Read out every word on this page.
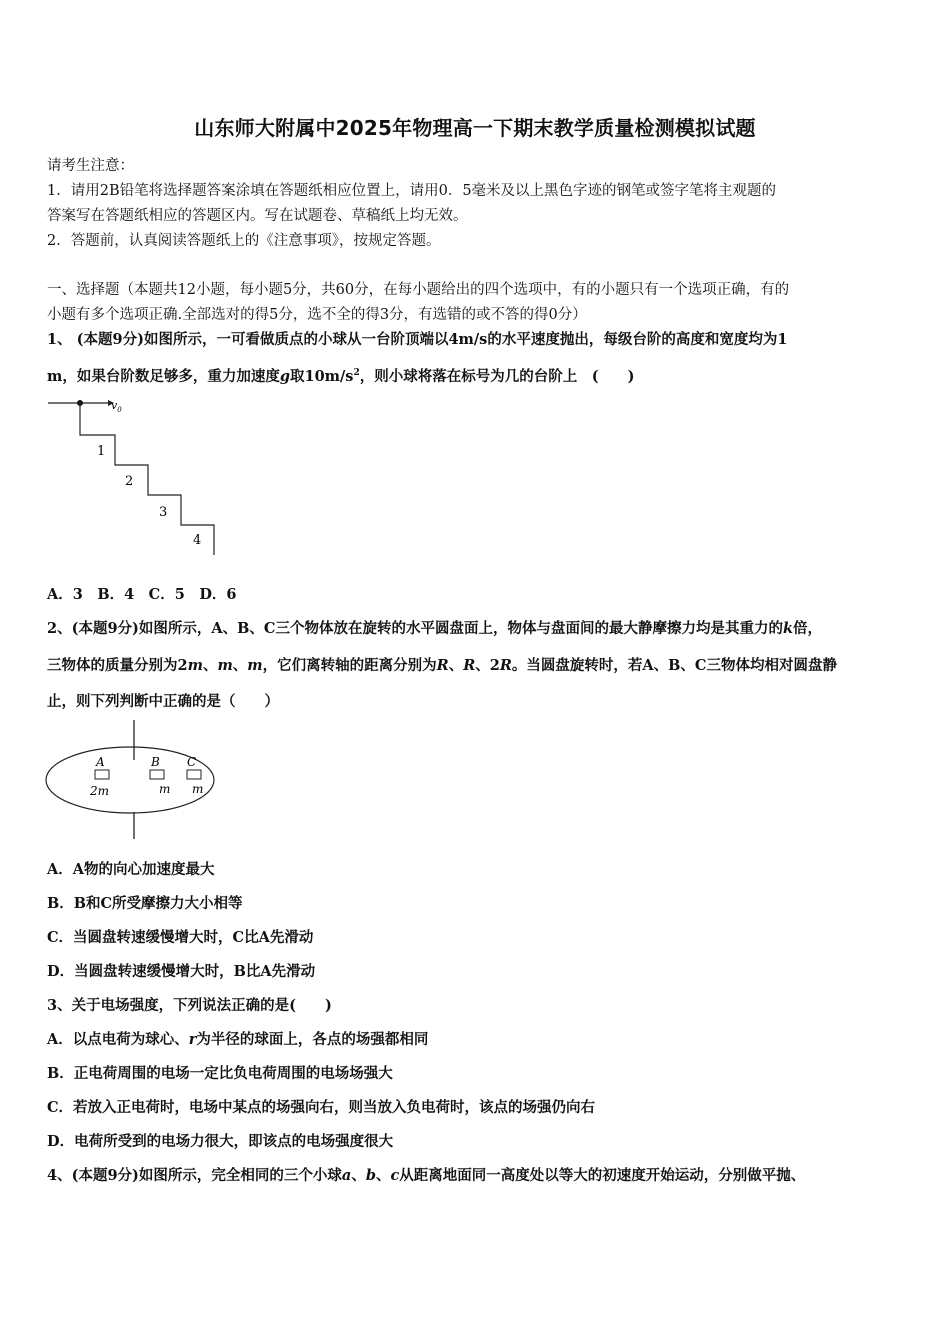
山东师大附属中2025年物理高一下期末教学质量检测模拟试题
请考生注意：
1．请用2B铅笔将选择题答案涂填在答题纸相应位置上，请用0．5毫米及以上黑色字迹的钢笔或签字笔将主观题的
答案写在答题纸相应的答题区内。写在试题卷、草稿纸上均无效。
2．答题前，认真阅读答题纸上的《注意事项》，按规定答题。
一、选择题（本题共12小题，每小题5分，共60分，在每小题给出的四个选项中，有的小题只有一个选项正确，有的
小题有多个选项正确.全部选对的得5分，选不全的得3分，有选错的或不答的得0分）
1、 (本题9分)如图所示，一可看做质点的小球从一台阶顶端以4m/s的水平速度抛出，每级台阶的高度和宽度均为1
m，如果台阶数足够多，重力加速度g取$10m/s^2$，则小球将落在标号为几的台阶上　(　　)
$v_0$
1
2
3
4
A．3　B．4　C．5　D．6
2、(本题9分)如图所示，A、B、C三个物体放在旋转的水平圆盘面上，物体与盘面间的最大静摩擦力均是其重力的k倍，
三物体的质量分别为2m、m、m，它们离转轴的距离分别为R、R、2R。当圆盘旋转时，若A、B、C三物体均相对圆盘静
止，则下列判断中正确的是（　　）
A	B C
2m	m m
A．A物的向心加速度最大
B．B和C所受摩擦力大小相等
C．当圆盘转速缓慢增大时，C比A先滑动
D．当圆盘转速缓慢增大时，B比A先滑动
3、关于电场强度，下列说法正确的是(　　)
A．以点电荷为球心、r为半径的球面上，各点的场强都相同
B．正电荷周围的电场一定比负电荷周围的电场场强大
C．若放入正电荷时，电场中某点的场强向右，则当放入负电荷时，该点的场强仍向右
D．电荷所受到的电场力很大，即该点的电场强度很大
4、(本题9分)如图所示，完全相同的三个小球a、b、c从距离地面同一高度处以等大的初速度开始运动，分别做平抛、
